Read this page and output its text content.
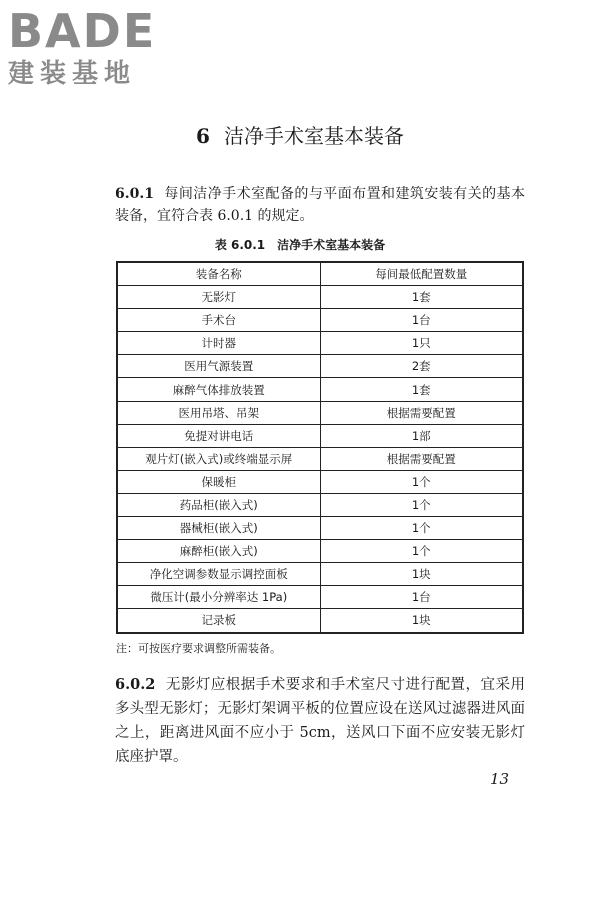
BADE
建装基地
6 洁净手术室基本装备
6.0.1 每间洁净手术室配备的与平面布置和建筑安装有关的基本装备，宜符合表 6.0.1 的规定。
表 6.0.1 洁净手术室基本装备
装备名称	每间最低配置数量
无影灯	1套
手术台	1台
计时器	1只
医用气源装置	2套
麻醉气体排放装置	1套
医用吊塔、吊架	根据需要配置
免提对讲电话	1部
观片灯(嵌入式)或终端显示屏	根据需要配置
保暖柜	1个
药品柜(嵌入式)	1个
器械柜(嵌入式)	1个
麻醉柜(嵌入式)	1个
净化空调参数显示调控面板	1块
微压计(最小分辨率达 1Pa)	1台
记录板	1块
注：可按医疗要求调整所需装备。
6.0.2 无影灯应根据手术要求和手术室尺寸进行配置，宜采用多头型无影灯；无影灯架调平板的位置应设在送风过滤器进风面之上，距离进风面不应小于 5cm，送风口下面不应安装无影灯底座护罩。
13
